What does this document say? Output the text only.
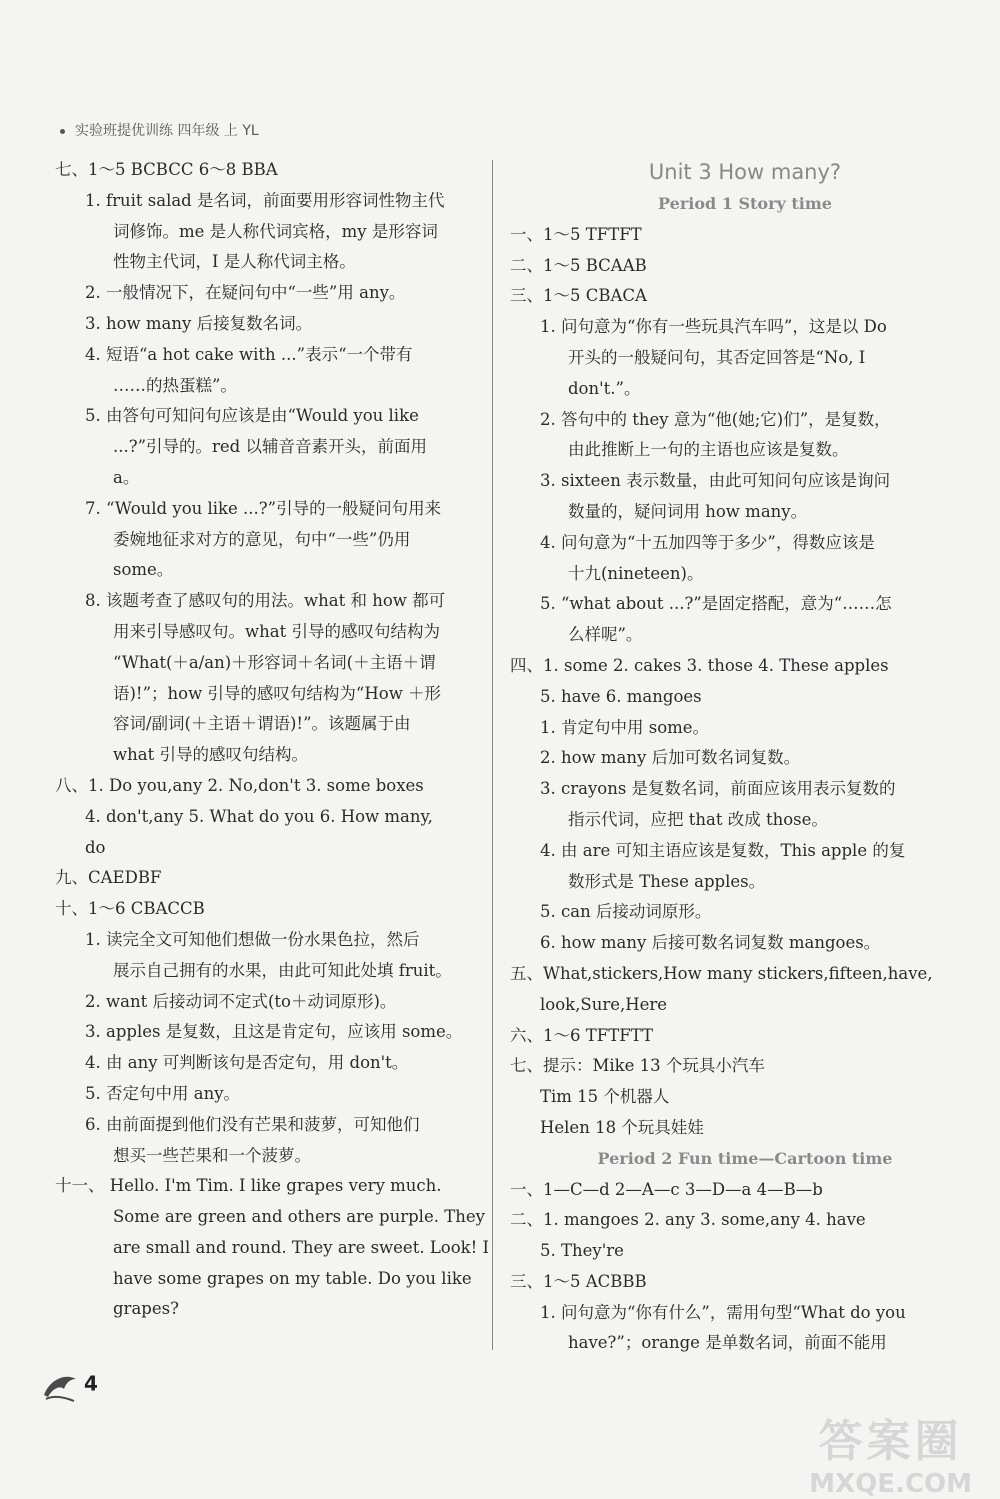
实验班提优训练 四年级 上 YL
七、1～5 BCBCC 6～8 BBA
1. fruit salad 是名词，前面要用形容词性物主代
词修饰。me 是人称代词宾格，my 是形容词
性物主代词，I 是人称代词主格。
2. 一般情况下，在疑问句中“一些”用 any。
3. how many 后接复数名词。
4. 短语“a hot cake with ...”表示“一个带有
……的热蛋糕”。
5. 由答句可知问句应该是由“Would you like
...?”引导的。red 以辅音音素开头，前面用
a。
7. “Would you like ...?”引导的一般疑问句用来
委婉地征求对方的意见，句中“一些”仍用
some。
8. 该题考查了感叹句的用法。what 和 how 都可
用来引导感叹句。what 引导的感叹句结构为
“What(＋a/an)＋形容词＋名词(＋主语＋谓
语)!”；how 引导的感叹句结构为“How ＋形
容词/副词(＋主语＋谓语)!”。该题属于由
what 引导的感叹句结构。
八、1. Do you,any 2. No,don't 3. some boxes
4. don't,any 5. What do you 6. How many,
do
九、CAEDBF
十、1～6 CBACCB
1. 读完全文可知他们想做一份水果色拉，然后
展示自己拥有的水果，由此可知此处填 fruit。
2. want 后接动词不定式(to＋动词原形)。
3. apples 是复数，且这是肯定句，应该用 some。
4. 由 any 可判断该句是否定句，用 don't。
5. 否定句中用 any。
6. 由前面提到他们没有芒果和菠萝，可知他们
想买一些芒果和一个菠萝。
十一、 Hello. I'm Tim. I like grapes very much.
Some are green and others are purple. They
are small and round. They are sweet. Look! I
have some grapes on my table. Do you like
grapes?
Unit 3 How many?
Period 1 Story time
一、1～5 TFTFT
二、1～5 BCAAB
三、1～5 CBACA
1. 问句意为“你有一些玩具汽车吗”，这是以 Do
开头的一般疑问句，其否定回答是“No, I
don't.”。
2. 答句中的 they 意为“他(她;它)们”，是复数，
由此推断上一句的主语也应该是复数。
3. sixteen 表示数量，由此可知问句应该是询问
数量的，疑问词用 how many。
4. 问句意为“十五加四等于多少”，得数应该是
十九(nineteen)。
5. “what about ...?”是固定搭配，意为“……怎
么样呢”。
四、1. some 2. cakes 3. those 4. These apples
5. have 6. mangoes
1. 肯定句中用 some。
2. how many 后加可数名词复数。
3. crayons 是复数名词，前面应该用表示复数的
指示代词，应把 that 改成 those。
4. 由 are 可知主语应该是复数，This apple 的复
数形式是 These apples。
5. can 后接动词原形。
6. how many 后接可数名词复数 mangoes。
五、What,stickers,How many stickers,fifteen,have,
look,Sure,Here
六、1～6 TFTFTT
七、提示：Mike 13 个玩具小汽车
Tim 15 个机器人
Helen 18 个玩具娃娃
Period 2 Fun time—Cartoon time
一、1—C—d 2—A—c 3—D—a 4—B—b
二、1. mangoes 2. any 3. some,any 4. have
5. They're
三、1～5 ACBBB
1. 问句意为“你有什么”，需用句型“What do you
have?”；orange 是单数名词，前面不能用
4
答案圈
MXQE.COM
